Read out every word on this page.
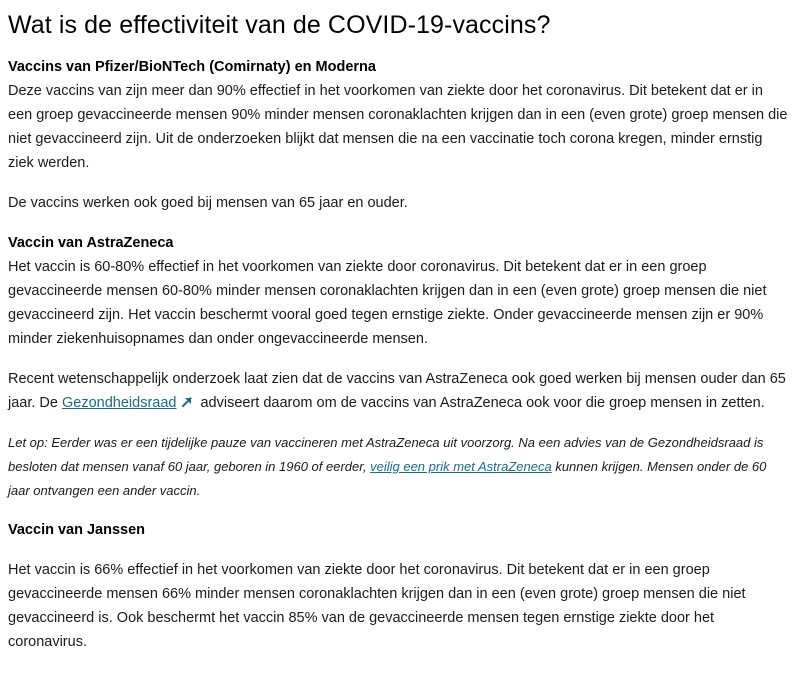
Wat is de effectiviteit van de COVID-19-vaccins?
Vaccins van Pfizer/BioNTech (Comirnaty) en Moderna

Deze vaccins van zijn meer dan 90% effectief in het voorkomen van ziekte door het coronavirus. Dit betekent dat er in een groep gevaccineerde mensen 90% minder mensen coronaklachten krijgen dan in een (even grote) groep mensen die niet gevaccineerd zijn. Uit de onderzoeken blijkt dat mensen die na een vaccinatie toch corona kregen, minder ernstig ziek werden.

De vaccins werken ook goed bij mensen van 65 jaar en ouder.

Vaccin van AstraZeneca

Het vaccin is 60-80% effectief in het voorkomen van ziekte door coronavirus. Dit betekent dat er in een groep gevaccineerde mensen 60-80% minder mensen coronaklachten krijgen dan in een (even grote) groep mensen die niet gevaccineerd zijn. Het vaccin beschermt vooral goed tegen ernstige ziekte. Onder gevaccineerde mensen zijn er 90% minder ziekenhuisopnames dan onder ongevaccineerde mensen.

Recent wetenschappelijk onderzoek laat zien dat de vaccins van AstraZeneca ook goed werken bij mensen ouder dan 65 jaar. De Gezondheidsraad adviseert daarom om de vaccins van AstraZeneca ook voor die groep mensen in zetten.

Let op: Eerder was er een tijdelijke pauze van vaccineren met AstraZeneca uit voorzorg. Na een advies van de Gezondheidsraad is besloten dat mensen vanaf 60 jaar, geboren in 1960 of eerder, veilig een prik met AstraZeneca kunnen krijgen. Mensen onder de 60 jaar ontvangen een ander vaccin.

Vaccin van Janssen

Het vaccin is 66% effectief in het voorkomen van ziekte door het coronavirus. Dit betekent dat er in een groep gevaccineerde mensen 66% minder mensen coronaklachten krijgen dan in een (even grote) groep mensen die niet gevaccineerd is. Ook beschermt het vaccin 85% van de gevaccineerde mensen tegen ernstige ziekte door het coronavirus.
